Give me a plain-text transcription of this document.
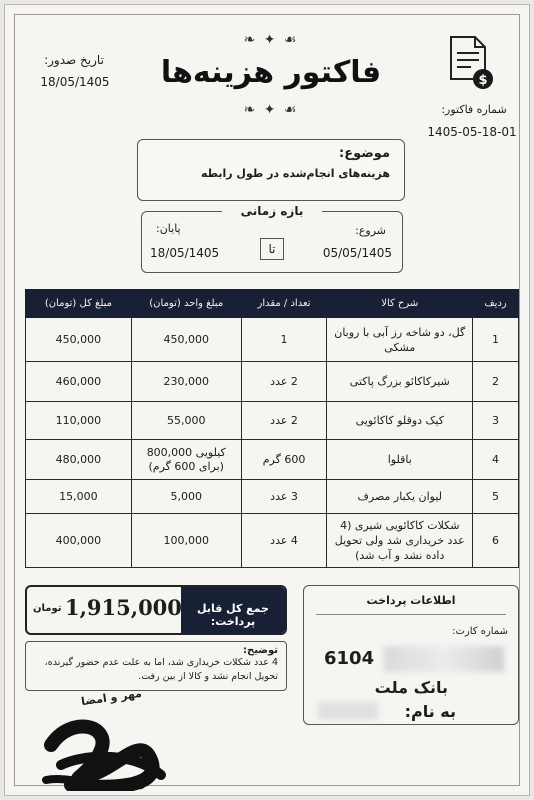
❧ ✦ ☙
فاکتور هزینه‌ها
❧ ✦ ☙
تاریخ صدور:
18/05/1405	$
شماره فاکتور:
1405-05-18-01
موضوع:
هزینه‌های انجام‌شده در طول رابطه
بازه زمانی
شروع:
05/05/1405
تا
پایان:
18/05/1405
ردیف	شرح کالا	تعداد / مقدار	مبلغ واحد (تومان)	مبلغ کل (تومان)
1	گل، دو شاخه رز آبی با روبان مشکی	1	450,000	450,000
2	شیرکاکائو بزرگ پاکتی	2 عدد	230,000	460,000
3	کیک دوقلو کاکائویی	2 عدد	55,000	110,000
4	باقلوا	600 گرم	کیلویی 800,000 (برای 600 گرم)	480,000
5	لیوان یکبار مصرف	3 عدد	5,000	15,000
6	شکلات کاکائویی شیری (4 عدد خریداری شد ولی تحویل داده نشد و آب شد)	4 عدد	100,000	400,000
جمع کل قابل پرداخت:
1,915,000
تومان
توضیح:
4 عدد شکلات خریداری شد، اما به علت عدم حضور گیرنده، تحویل انجام نشد و کالا از بین رفت.
اطلاعات پرداخت
شماره کارت:
6104
بانک ملت
به نام:
مهر و امضا
